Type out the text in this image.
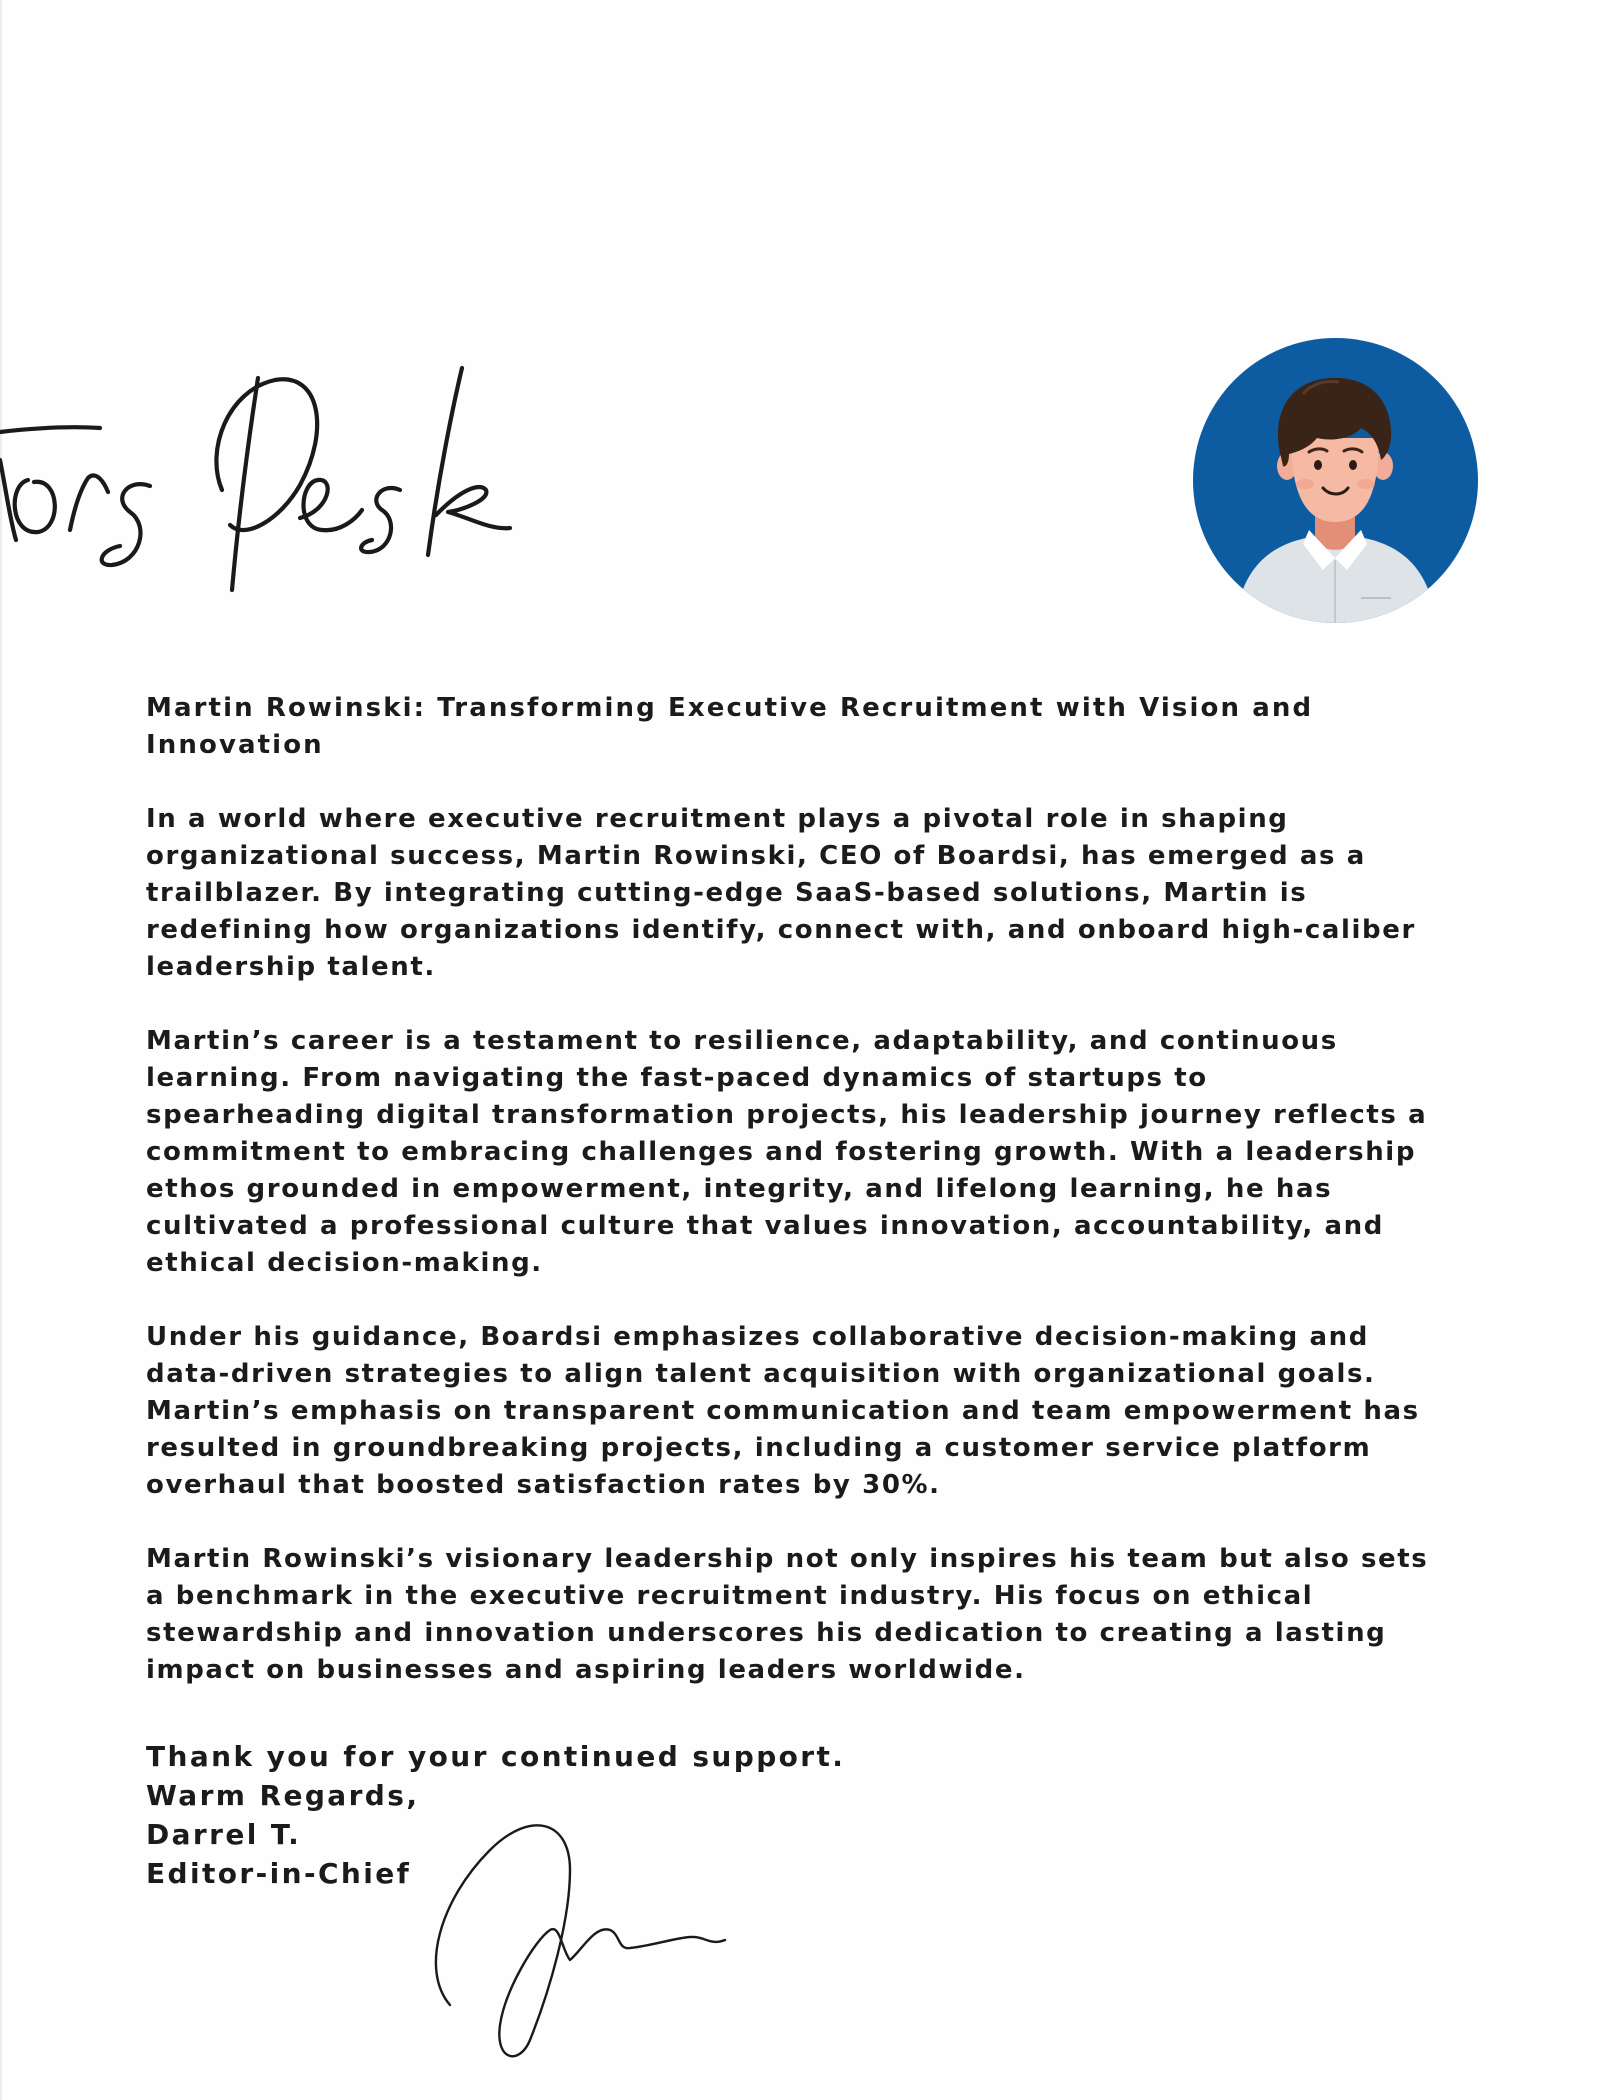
Martin Rowinski: Transforming Executive Recruitment with Vision and Innovation

In a world where executive recruitment plays a pivotal role in shaping organizational success, Martin Rowinski, CEO of Boardsi, has emerged as a trailblazer. By integrating cutting-edge SaaS-based solutions, Martin is redefining how organizations identify, connect with, and onboard high-caliber leadership talent.

Martin’s career is a testament to resilience, adaptability, and continuous learning. From navigating the fast-paced dynamics of startups to spearheading digital transformation projects, his leadership journey reflects a commitment to embracing challenges and fostering growth. With a leadership ethos grounded in empowerment, integrity, and lifelong learning, he has cultivated a professional culture that values innovation, accountability, and ethical decision-making.

Under his guidance, Boardsi emphasizes collaborative decision-making and data-driven strategies to align talent acquisition with organizational goals. Martin’s emphasis on transparent communication and team empowerment has resulted in groundbreaking projects, including a customer service platform overhaul that boosted satisfaction rates by 30%.

Martin Rowinski’s visionary leadership not only inspires his team but also sets a benchmark in the executive recruitment industry. His focus on ethical stewardship and innovation underscores his dedication to creating a lasting impact on businesses and aspiring leaders worldwide.

Thank you for your continued support.
Warm Regards,
Darrel T.
Editor-in-Chief
